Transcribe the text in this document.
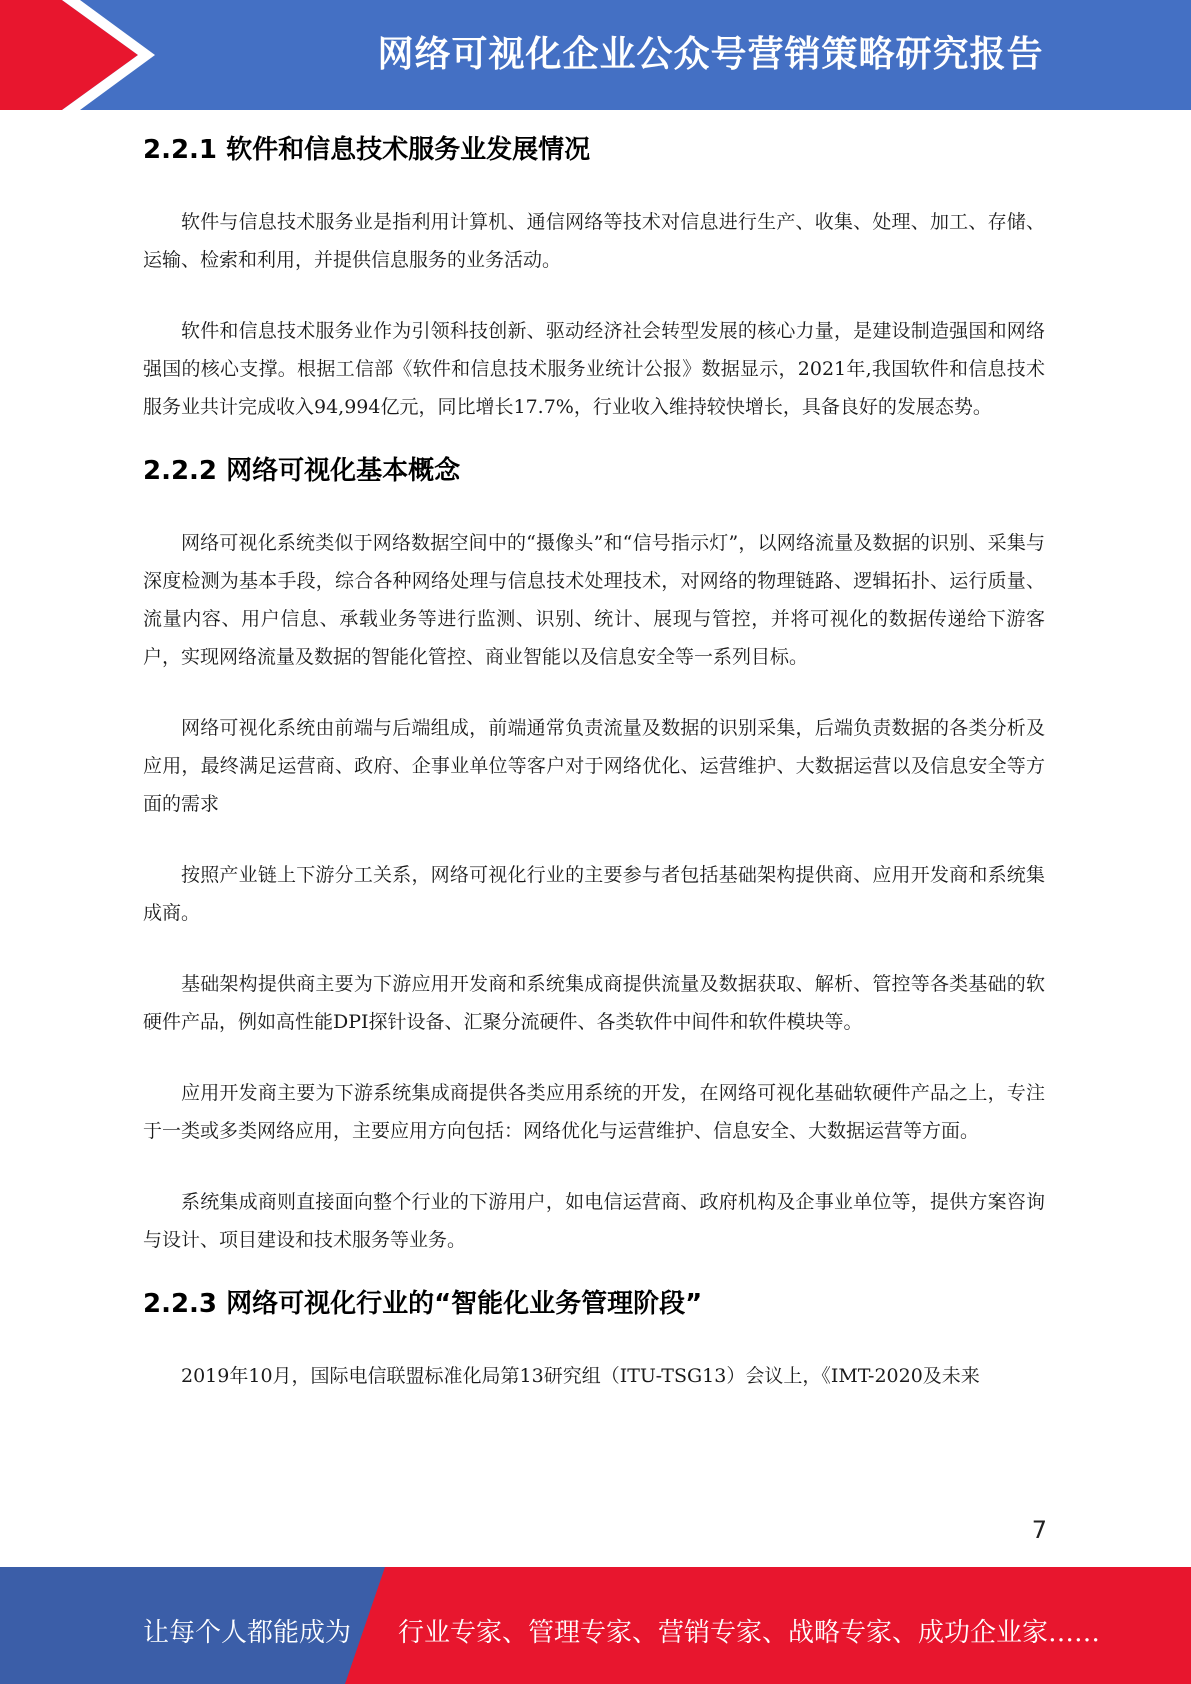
网络可视化企业公众号营销策略研究报告
2.2.1 软件和信息技术服务业发展情况

软件与信息技术服务业是指利用计算机、通信网络等技术对信息进行生产、收集、处理、加工、存储、运输、检索和利用，并提供信息服务的业务活动。

软件和信息技术服务业作为引领科技创新、驱动经济社会转型发展的核心力量，是建设制造强国和网络强国的核心支撑。根据工信部《软件和信息技术服务业统计公报》数据显示，2021年,我国软件和信息技术服务业共计完成收入94,994亿元，同比增长17.7%，行业收入维持较快增长，具备良好的发展态势。

2.2.2 网络可视化基本概念

网络可视化系统类似于网络数据空间中的“摄像头”和“信号指示灯”，以网络流量及数据的识别、采集与深度检测为基本手段，综合各种网络处理与信息技术处理技术，对网络的物理链路、逻辑拓扑、运行质量、流量内容、用户信息、承载业务等进行监测、识别、统计、展现与管控，并将可视化的数据传递给下游客户，实现网络流量及数据的智能化管控、商业智能以及信息安全等一系列目标。

网络可视化系统由前端与后端组成，前端通常负责流量及数据的识别采集，后端负责数据的各类分析及应用，最终满足运营商、政府、企事业单位等客户对于网络优化、运营维护、大数据运营以及信息安全等方面的需求

按照产业链上下游分工关系，网络可视化行业的主要参与者包括基础架构提供商、应用开发商和系统集成商。

基础架构提供商主要为下游应用开发商和系统集成商提供流量及数据获取、解析、管控等各类基础的软硬件产品，例如高性能DPI探针设备、汇聚分流硬件、各类软件中间件和软件模块等。

应用开发商主要为下游系统集成商提供各类应用系统的开发，在网络可视化基础软硬件产品之上，专注于一类或多类网络应用，主要应用方向包括：网络优化与运营维护、信息安全、大数据运营等方面。

系统集成商则直接面向整个行业的下游用户，如电信运营商、政府机构及企事业单位等，提供方案咨询与设计、项目建设和技术服务等业务。

2.2.3 网络可视化行业的“智能化业务管理阶段”

2019年10月，国际电信联盟标准化局第13研究组（ITU-TSG13）会议上，《IMT-2020及未来

7
让每个人都能成为 行业专家、管理专家、营销专家、战略专家、成功企业家……
